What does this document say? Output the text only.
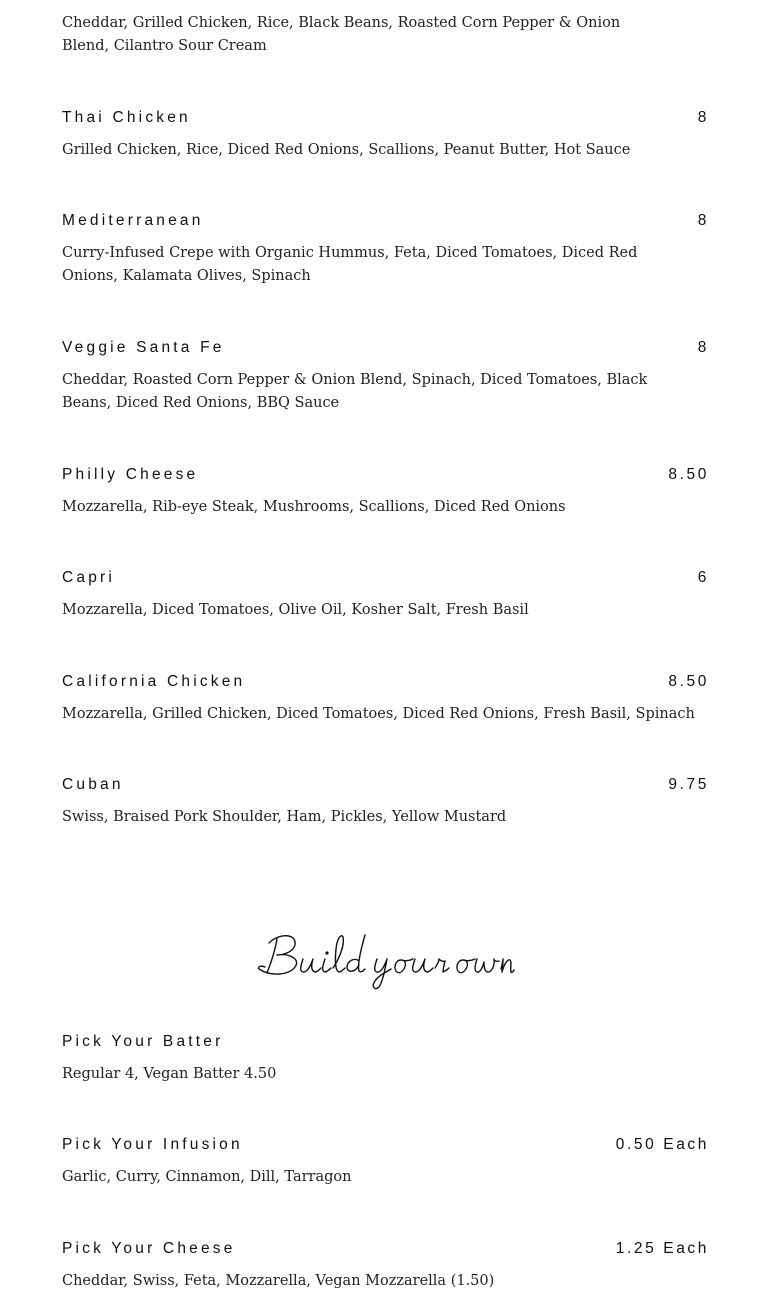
Cheddar, Grilled Chicken, Rice, Black Beans, Roasted Corn Pepper & Onion Blend, Cilantro Sour Cream

Thai Chicken	8

Grilled Chicken, Rice, Diced Red Onions, Scallions, Peanut Butter, Hot Sauce

Mediterranean	8

Curry-Infused Crepe with Organic Hummus, Feta, Diced Tomatoes, Diced Red Onions, Kalamata Olives, Spinach

Veggie Santa Fe	8

Cheddar, Roasted Corn Pepper & Onion Blend, Spinach, Diced Tomatoes, Black Beans, Diced Red Onions, BBQ Sauce

Philly Cheese	8.50

Mozzarella, Rib-eye Steak, Mushrooms, Scallions, Diced Red Onions

Capri	6

Mozzarella, Diced Tomatoes, Olive Oil, Kosher Salt, Fresh Basil

California Chicken	8.50

Mozzarella, Grilled Chicken, Diced Tomatoes, Diced Red Onions, Fresh Basil, Spinach

Cuban	9.75

Swiss, Braised Pork Shoulder, Ham, Pickles, Yellow Mustard

Pick Your Batter

Regular 4, Vegan Batter 4.50

Pick Your Infusion	0.50 Each

Garlic, Curry, Cinnamon, Dill, Tarragon

Pick Your Cheese	1.25 Each

Cheddar, Swiss, Feta, Mozzarella, Vegan Mozzarella (1.50)
